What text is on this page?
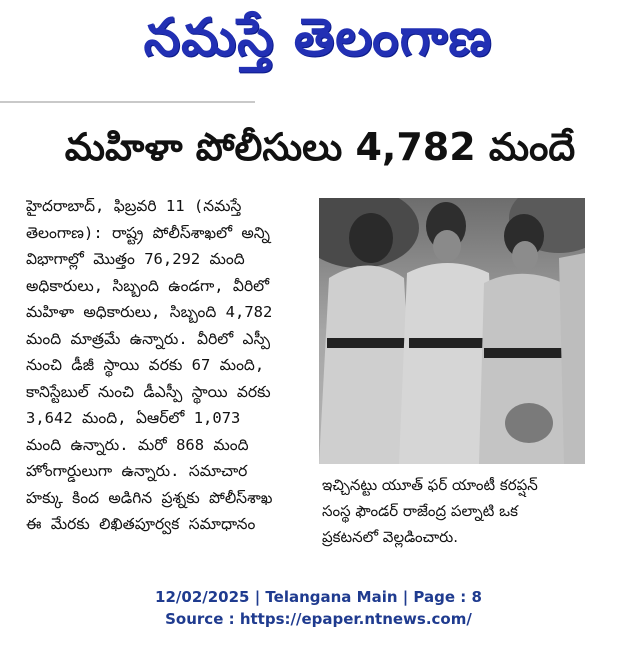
నమస్తే తెలంగాణ
మహిళా పోలీసులు 4,782 మందే
హైదరాబాద్, ఫిబ్రవరి 11 (నమస్తే
తెలంగాణ): రాష్ట్ర పోలీస్‌శాఖలో అన్ని
విభాగాల్లో మొత్తం 76,292 మంది
అధికారులు, సిబ్బంది ఉండగా, వీరిలో
మహిళా అధికారులు, సిబ్బంది 4,782
మంది మాత్రమే ఉన్నారు. వీరిలో ఎస్పీ
నుంచి డీజీ స్థాయి వరకు 67 మంది,
కానిస్టేబుల్ నుంచి డీఎస్పీ స్థాయి వరకు
3,642 మంది, ఏఆర్‌లో 1,073
మంది ఉన్నారు. మరో 868 మంది
హోంగార్డులుగా ఉన్నారు. సమాచార
హక్కు కింద అడిగిన ప్రశ్నకు పోలీస్‌శాఖ
ఈ మేరకు లిఖితపూర్వక సమాధానం
ఇచ్చినట్టు యూత్ ఫర్ యాంటీ కరప్షన్
సంస్థ ఫౌండర్ రాజేంద్ర పల్నాటి ఒక
ప్రకటనలో వెల్లడించారు.
12/02/2025 | Telangana Main | Page : 8
Source : https://epaper.ntnews.com/
